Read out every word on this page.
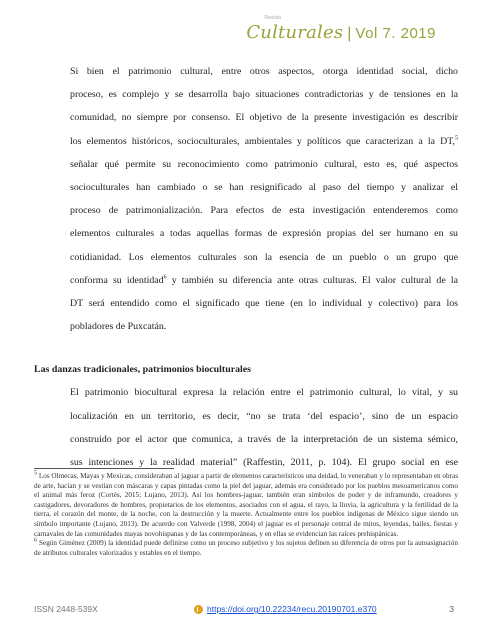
Revista
Culturales | Vol 7. 2019
Si bien el patrimonio cultural, entre otros aspectos, otorga identidad social, dicho
proceso, es complejo y se desarrolla bajo situaciones contradictorias y de tensiones en la
comunidad, no siempre por consenso. El objetivo de la presente investigación es describir
los elementos históricos, socioculturales, ambientales y políticos que caracterizan a la DT,$^5$
señalar qué permite su reconocimiento como patrimonio cultural, esto es, qué aspectos
socioculturales han cambiado o se han resignificado al paso del tiempo y analizar el
proceso de patrimonialización. Para efectos de esta investigación entenderemos como
elementos culturales a todas aquellas formas de expresión propias del ser humano en su
cotidianidad. Los elementos culturales son la esencia de un pueblo o un grupo que
conforma su identidad$^6$ y también su diferencia ante otras culturas. El valor cultural de la
DT será entendido como el significado que tiene (en lo individual y colectivo) para los
pobladores de Puxcatán.
Las danzas tradicionales, patrimonios bioculturales
El patrimonio biocultural expresa la relación entre el patrimonio cultural, lo vital, y su
localización en un territorio, es decir, “no se trata ‘del espacio’, sino de un espacio
construido por el actor que comunica, a través de la interpretación de un sistema sémico,
sus intenciones y la realidad material” (Raffestin, 2011, p. 104). El grupo social en ese

$^5$ Los Olmecas, Mayas y Mexicas, consideraban al jaguar a partir de elementos característicos una deidad, lo veneraban y lo representaban en obras de arte, hacían y se vestían con máscaras y capas pintadas como la piel del jaguar, además era considerado por los pueblos mesoamericanos como el animal más feroz (Cortés, 2015; Lujano, 2013). Así los hombres-jaguar, también eran símbolos de poder y de inframundo, creadores y castigadores, devoradores de hombres, propietarios de los elementos, asociados con el agua, el rayo, la lluvia, la agricultura y la fertilidad de la tierra, el corazón del monte, de la noche, con la destrucción y la muerte. Actualmente entre los pueblos indígenas de México sigue siendo un símbolo importante (Lujano, 2013). De acuerdo con Valverde (1998, 2004) el jaguar es el personaje central de mitos, leyendas, bailes, fiestas y carnavales de las comunidades mayas novohispanas y de las contemporáneas, y en ellas se evidencian las raíces prehispánicas.

$^6$ Según Giménez (2009) la identidad puede definirse como un proceso subjetivo y los sujetos definen su diferencia de otros por la autoasignación de atributos culturales valorizados y estables en el tiempo.

ISSN 2448-539X	https://doi.org/10.22234/recu.20190701.e370	3
